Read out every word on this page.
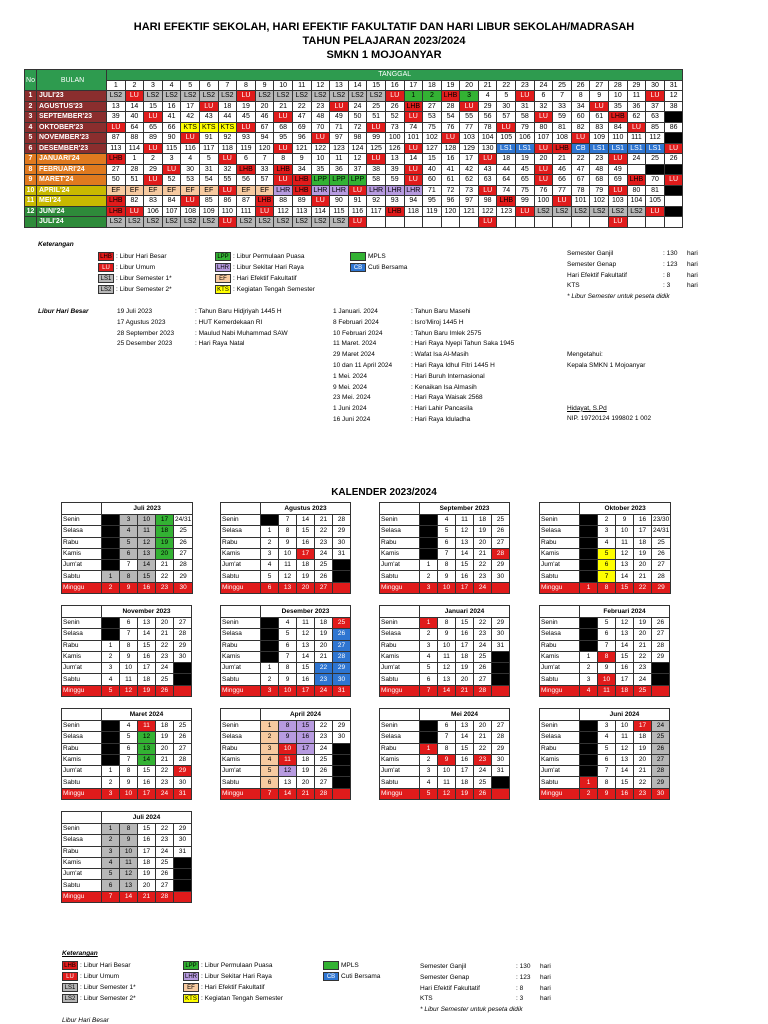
HARI EFEKTIF SEKOLAH, HARI EFEKTIF FAKULTATIF DAN HARI LIBUR SEKOLAH/MADRASAH
TAHUN PELAJARAN 2023/2024
SMKN 1 MOJOANYAR
No	BULAN	TANGGAL																														
		1	2	3	4	5	6	7	8	9	10	11	12	13	14	15	16	17	18	19	20	21	22	23	24	25	26	27	28	29	30	31
1	JULI'23	LS2	LU	LS2	LS2	LS2	LS2	LS2	LU	LS2	LS2	LS2	LS2	LS2	LS2	LS2	LU	1	2	LHB	3	4	5	LU	6	7	8	9	10	11	LU	12
2	AGUSTUS'23	13	14	15	16	17	LU	18	19	20	21	22	23	LU	24	25	26	LHB	27	28	LU	29	30	31	32	33	34	LU	35	36	37	38
3	SEPTEMBER'23	39	40	LU	41	42	43	44	45	46	LU	47	48	49	50	51	52	LU	53	54	55	56	57	58	LU	59	60	61	LHB	62	63	
4	OKTOBER'23	LU	64	65	66	KTS	KTS	KTS	LU	67	68	69	70	71	72	LU	73	74	75	76	77	78	LU	79	80	81	82	83	84	LU	85	86
5	NOVEMBER'23	87	88	89	90	LU	91	92	93	94	95	96	LU	97	98	99	100	101	102	LU	103	104	105	106	107	108	LU	109	110	111	112	
6	DESEMBER'23	113	114	LU	115	116	117	118	119	120	LU	121	122	123	124	125	126	LU	127	128	129	130	LS1	LS1	LU	LHB	CB	LS1	LS1	LS1	LS1	LU
7	JANUARI'24	LHB	1	2	3	4	5	LU	6	7	8	9	10	11	12	LU	13	14	15	16	17	LU	18	19	20	21	22	23	LU	24	25	26
8	FEBRUARI'24	27	28	29	LU	30	31	32	LHB	33	LHB	34	35	36	37	38	39	LU	40	41	42	43	44	45	LU	46	47	48	49			
9	MARET'24	50	51	LU	52	53	54	55	56	57	LU	LHB	LPP	LPP	LPP	58	59	LU	60	61	62	63	64	65	LU	66	67	68	69	LHB	70	LU
10	APRIL'24	EF	EF	EF	EF	EF	EF	LU	EF	EF	LHR	LHB	LHR	LHR	LU	LHR	LHR	LHR	71	72	73	LU	74	75	76	77	78	79	LU	80	81	
11	MEI'24	LHB	82	83	84	LU	85	86	87	LHB	88	89	LU	90	91	92	93	94	95	96	97	98	LHB	99	100	LU	101	102	103	104	105	
12	JUNI'24	LHB	LU	106	107	108	109	110	111	LU	112	113	114	115	116	117	LHB	118	119	120	121	122	123	LU	LS2	LS2	LS2	LS2	LS2	LS2	LU	
	JULI'24	LS2	LS2	LS2	LS2	LS2	LS2	LU	LS2	LS2	LS2	LS2	LS2	LS2	LU							LU							LU			
Keterangan
LHB : Libur Hari Besar
LU : Libur Umum
LS1 : Libur Semester 1*
LS2 : Libur Semester 2*
LPP : Libur Permulaan Puasa
LHR : Libur Sekitar Hari Raya
EF : Hari Efektif Fakultatif
KTS : Kegiatan Tengah Semester
MPLS
CB Cuti Bersama
Semester Ganjil	: 130	hari
Semester Genap	: 123	hari
Hari Efektif Fakultatif	: 8	hari
KTS	: 3	hari
* Libur Semester untuk peseta didik
Libur Hari Besar	19 Juli 2023	: Tahun Baru Hidjriyah 1445 H
17 Agustus 2023	: HUT Kemerdekaan RI
28 September 2023	: Maulud Nabi Muhammad SAW
25 Desember 2023	: Hari Raya Natal
1 Januari. 2024	: Tahun Baru Masehi
8 Februari 2024	: Isro'Miroj 1445 H
10 Februari 2024	: Tahun Baru Imlek 2575
11 Maret. 2024	: Hari Raya Nyepi Tahun Saka 1945
29 Maret 2024	: Wafat Isa Al-Masih
10 dan 11 April 2024	: Hari Raya Idhul Fitri 1445 H
1 Mei. 2024	: Hari Buruh Internasional
9 Mei. 2024	: Kenaikan Isa Almasih
23 Mei. 2024	: Hari Raya Waisak 2568
1 Juni 2024	: Hari Lahir Pancasila
16 Juni 2024	: Hari Raya Iduladha
Mengetahui:
Kepala SMKN 1 Mojoanyar
Hidayat, S.Pd
NIP. 19720124 199802 1 002
KALENDER 2023/2024
	Juli 2023				
Senin		3	10	17	24/31
Selasa		4	11	18	25
Rabu		5	12	19	26
Kamis		6	13	20	27
Jum'at		7	14	21	28
Sabtu	1	8	15	22	29
Minggu	2	9	16	23	30
	Agustus 2023				
Senin		7	14	21	28
Selasa	1	8	15	22	29
Rabu	2	9	16	23	30
Kamis	3	10	17	24	31
Jum'at	4	11	18	25	
Sabtu	5	12	19	26	
Minggu	6	13	20	27	
	September 2023				
Senin		4	11	18	25
Selasa		5	12	19	26
Rabu		6	13	20	27
Kamis		7	14	21	28
Jum'at	1	8	15	22	29
Sabtu	2	9	16	23	30
Minggu	3	10	17	24	
	Oktober 2023				
Senin		2	9	16	23/30
Selasa		3	10	17	24/31
Rabu		4	11	18	25
Kamis		5	12	19	26
Jum'at		6	13	20	27
Sabtu		7	14	21	28
Minggu	1	8	15	22	29
	November 2023				
Senin		6	13	20	27
Selasa		7	14	21	28
Rabu	1	8	15	22	29
Kamis	2	9	16	23	30
Jum'at	3	10	17	24	
Sabtu	4	11	18	25	
Minggu	5	12	19	26	
	Desember 2023				
Senin		4	11	18	25
Selasa		5	12	19	26
Rabu		6	13	20	27
Kamis		7	14	21	28
Jum'at	1	8	15	22	29
Sabtu	2	9	16	23	30
Minggu	3	10	17	24	31
	Januari 2024				
Senin	1	8	15	22	29
Selasa	2	9	16	23	30
Rabu	3	10	17	24	31
Kamis	4	11	18	25	
Jum'at	5	12	19	26	
Sabtu	6	13	20	27	
Minggu	7	14	21	28	
	Februari 2024				
Senin		5	12	19	26
Selasa		6	13	20	27
Rabu		7	14	21	28
Kamis	1	8	15	22	29
Jum'at	2	9	16	23	
Sabtu	3	10	17	24	
Minggu	4	11	18	25	
	Maret 2024				
Senin		4	11	18	25
Selasa		5	12	19	26
Rabu		6	13	20	27
Kamis		7	14	21	28
Jum'at	1	8	15	22	29
Sabtu	2	9	16	23	30
Minggu	3	10	17	24	31
	April 2024				
Senin	1	8	15	22	29
Selasa	2	9	16	23	30
Rabu	3	10	17	24	
Kamis	4	11	18	25	
Jum'at	5	12	19	26	
Sabtu	6	13	20	27	
Minggu	7	14	21	28	
	Mei 2024				
Senin		6	13	20	27
Selasa		7	14	21	28
Rabu	1	8	15	22	29
Kamis	2	9	16	23	30
Jum'at	3	10	17	24	31
Sabtu	4	11	18	25	
Minggu	5	12	19	26	
	Juni 2024				
Senin		3	10	17	24
Selasa		4	11	18	25
Rabu		5	12	19	26
Kamis		6	13	20	27
Jum'at		7	14	21	28
Sabtu	1	8	15	22	29
Minggu	2	9	16	23	30
	Juli 2024				
Senin	1	8	15	22	29
Selasa	2	9	16	23	30
Rabu	3	10	17	24	31
Kamis	4	11	18	25	
Jum'at	5	12	19	26	
Sabtu	6	13	20	27	
Minggu	7	14	21	28	
Keterangan
LHB : Libur Hari Besar
LU : Libur Umum
LS1 : Libur Semester 1*
LS2 : Libur Semester 2*
LPP : Libur Permulaan Puasa
LHR : Libur Sekitar Hari Raya
EF : Hari Efektif Fakultatif
KTS : Kegiatan Tengah Semester
MPLS
CB Cuti Bersama
Semester Ganjil	: 130	hari
Semester Genap	: 123	hari
Hari Efektif Fakultatif	: 8	hari
KTS	: 3	hari
* Libur Semester untuk peseta didik
Libur Hari Besar
